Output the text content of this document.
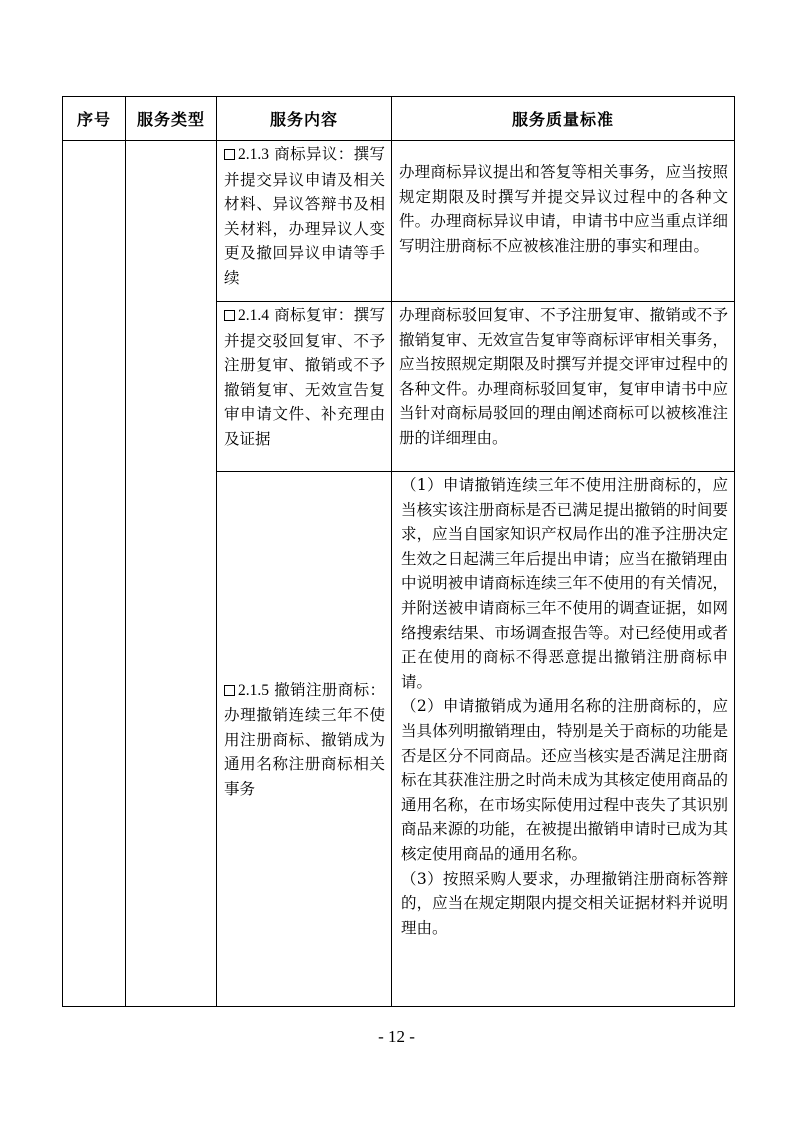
序号	服务类型	服务内容	服务质量标准

		2.1.3 商标异议：撰写并提交异议申请及相关材料、异议答辩书及相关材料，办理异议人变更及撤回异议申请等手续	办理商标异议提出和答复等相关事务，应当按照规定期限及时撰写并提交异议过程中的各种文件。办理商标异议申请，申请书中应当重点详细写明注册商标不应被核准注册的事实和理由。

		2.1.4 商标复审：撰写并提交驳回复审、不予注册复审、撤销或不予撤销复审、无效宣告复审申请文件、补充理由及证据	办理商标驳回复审、不予注册复审、撤销或不予撤销复审、无效宣告复审等商标评审相关事务，应当按照规定期限及时撰写并提交评审过程中的各种文件。办理商标驳回复审，复审申请书中应当针对商标局驳回的理由阐述商标可以被核准注册的详细理由。

		2.1.5 撤销注册商标：办理撤销连续三年不使用注册商标、撤销成为通用名称注册商标相关事务	（1）申请撤销连续三年不使用注册商标的，应当核实该注册商标是否已满足提出撤销的时间要求，应当自国家知识产权局作出的准予注册决定生效之日起满三年后提出申请；应当在撤销理由中说明被申请商标连续三年不使用的有关情况，并附送被申请商标三年不使用的调查证据，如网络搜索结果、市场调查报告等。对已经使用或者正在使用的商标不得恶意提出撤销注册商标申请。
（2）申请撤销成为通用名称的注册商标的，应当具体列明撤销理由，特别是关于商标的功能是否是区分不同商品。还应当核实是否满足注册商标在其获准注册之时尚未成为其核定使用商品的通用名称，在市场实际使用过程中丧失了其识别商品来源的功能，在被提出撤销申请时已成为其核定使用商品的通用名称。
（3）按照采购人要求，办理撤销注册商标答辩的，应当在规定期限内提交相关证据材料并说明理由。
- 12 -
